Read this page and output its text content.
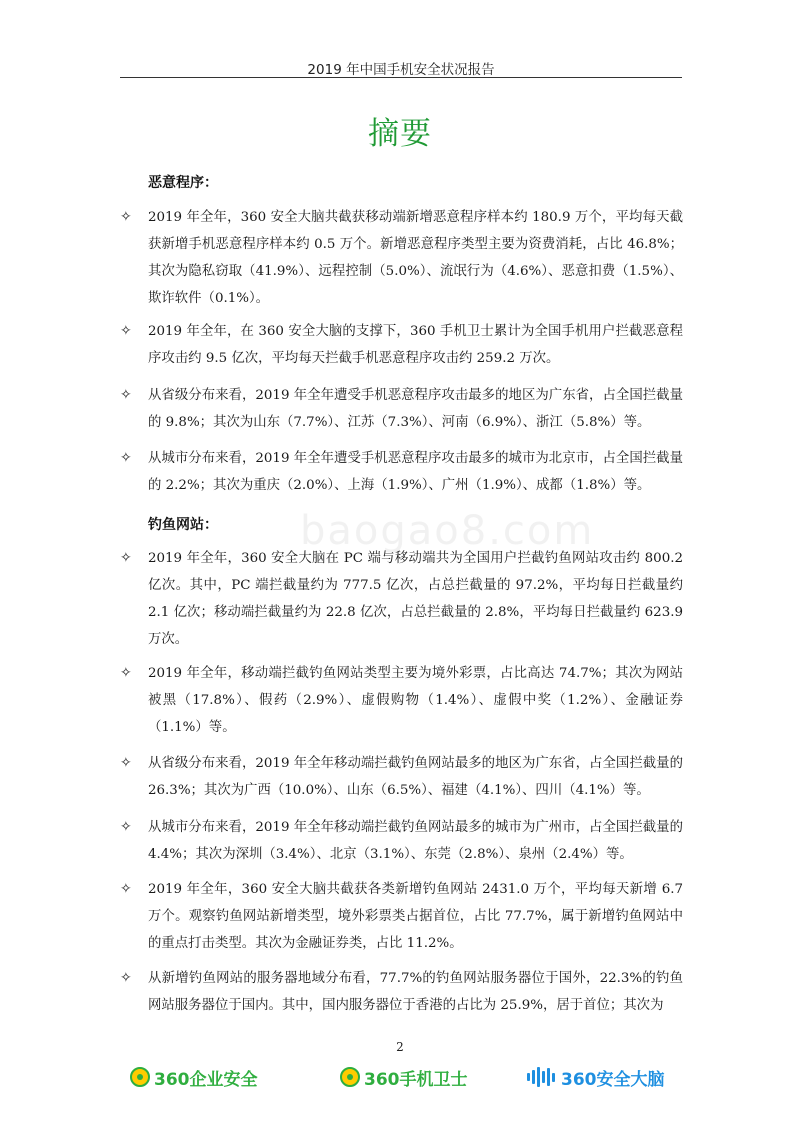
2019 年中国手机安全状况报告
摘要
baogao8.com
恶意程序：
✧	2019 年全年，360 安全大脑共截获移动端新增恶意程序样本约 180.9 万个，平均每天截获新增手机恶意程序样本约 0.5 万个。新增恶意程序类型主要为资费消耗，占比 46.8%；其次为隐私窃取（41.9%）、远程控制（5.0%）、流氓行为（4.6%）、恶意扣费（1.5%）、欺诈软件（0.1%）。
✧	2019 年全年，在 360 安全大脑的支撑下，360 手机卫士累计为全国手机用户拦截恶意程序攻击约 9.5 亿次，平均每天拦截手机恶意程序攻击约 259.2 万次。
✧	从省级分布来看，2019 年全年遭受手机恶意程序攻击最多的地区为广东省，占全国拦截量的 9.8%；其次为山东（7.7%）、江苏（7.3%）、河南（6.9%）、浙江（5.8%）等。
✧	从城市分布来看，2019 年全年遭受手机恶意程序攻击最多的城市为北京市，占全国拦截量的 2.2%；其次为重庆（2.0%）、上海（1.9%）、广州（1.9%）、成都（1.8%）等。
钓鱼网站：
✧	2019 年全年，360 安全大脑在 PC 端与移动端共为全国用户拦截钓鱼网站攻击约 800.2 亿次。其中，PC 端拦截量约为 777.5 亿次，占总拦截量的 97.2%，平均每日拦截量约 2.1 亿次；移动端拦截量约为 22.8 亿次，占总拦截量的 2.8%，平均每日拦截量约 623.9 万次。
✧	2019 年全年，移动端拦截钓鱼网站类型主要为境外彩票，占比高达 74.7%；其次为网站被黑（17.8%）、假药（2.9%）、虚假购物（1.4%）、虚假中奖（1.2%）、金融证券（1.1%）等。
✧	从省级分布来看，2019 年全年移动端拦截钓鱼网站最多的地区为广东省，占全国拦截量的 26.3%；其次为广西（10.0%）、山东（6.5%）、福建（4.1%）、四川（4.1%）等。
✧	从城市分布来看，2019 年全年移动端拦截钓鱼网站最多的城市为广州市，占全国拦截量的 4.4%；其次为深圳（3.4%）、北京（3.1%）、东莞（2.8%）、泉州（2.4%）等。
✧	2019 年全年，360 安全大脑共截获各类新增钓鱼网站 2431.0 万个，平均每天新增 6.7 万个。观察钓鱼网站新增类型，境外彩票类占据首位，占比 77.7%，属于新增钓鱼网站中的重点打击类型。其次为金融证券类，占比 11.2%。
✧	从新增钓鱼网站的服务器地域分布看，77.7%的钓鱼网站服务器位于国外，22.3%的钓鱼网站服务器位于国内。其中，国内服务器位于香港的占比为 25.9%，居于首位；其次为
2
360企业安全	360手机卫士	360安全大脑
